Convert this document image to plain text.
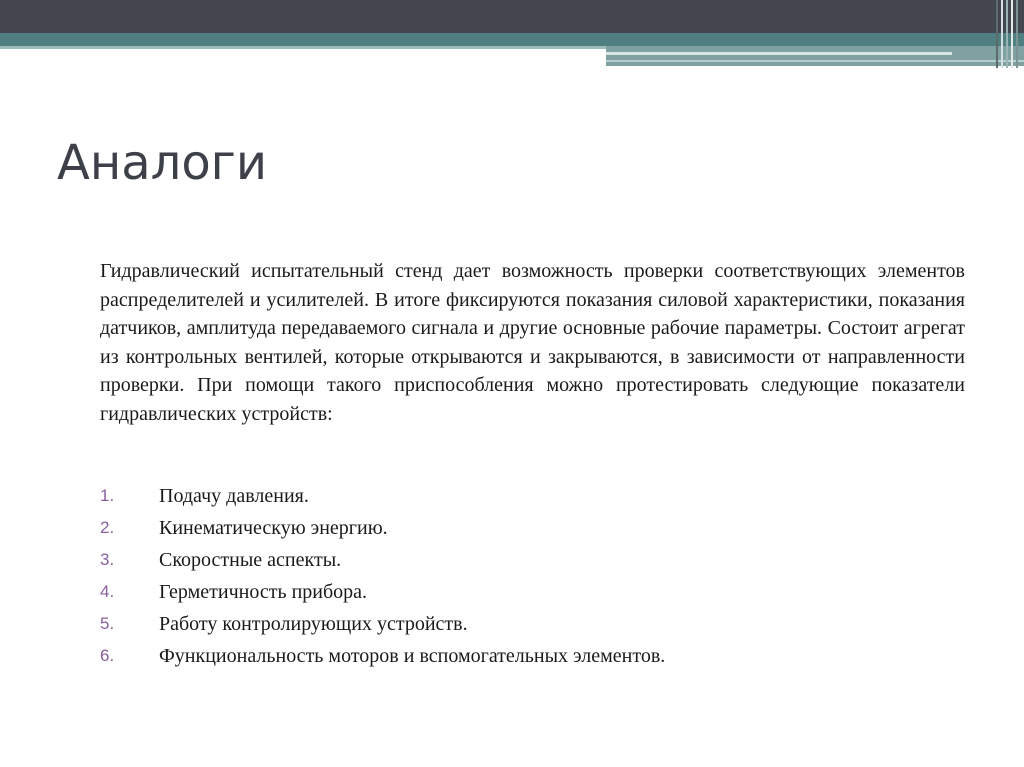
Аналоги

Гидравлический испытательный стенд дает возможность проверки соответствующих элементов распределителей и усилителей. В итоге фиксируются показания силовой характеристики, показания датчиков, амплитуда передаваемого сигнала и другие основные рабочие параметры. Состоит агрегат из контрольных вентилей, которые открываются и закрываются, в зависимости от направленности проверки. При помощи такого приспособления можно протестировать следующие показатели гидравлических устройств:

1.	Подачу давления.
2.	Кинематическую энергию.
3.	Скоростные аспекты.
4.	Герметичность прибора.
5.	Работу контролирующих устройств.
6.	Функциональность моторов и вспомогательных элементов.
